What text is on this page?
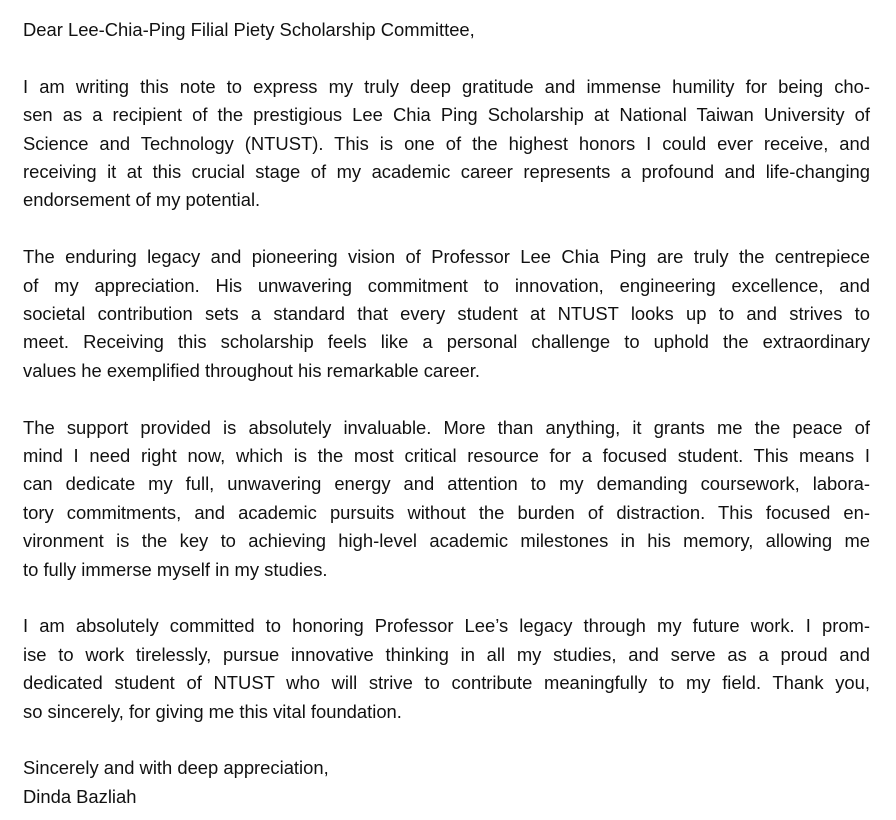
Dear Lee-Chia-Ping Filial Piety Scholarship Committee,
I am writing this note to express my truly deep gratitude and immense humility for being cho-
sen as a recipient of the prestigious Lee Chia Ping Scholarship at National Taiwan University of
Science and Technology (NTUST). This is one of the highest honors I could ever receive, and
receiving it at this crucial stage of my academic career represents a profound and life-changing
endorsement of my potential.
The enduring legacy and pioneering vision of Professor Lee Chia Ping are truly the centrepiece
of my appreciation. His unwavering commitment to innovation, engineering excellence, and
societal contribution sets a standard that every student at NTUST looks up to and strives to
meet. Receiving this scholarship feels like a personal challenge to uphold the extraordinary
values he exemplified throughout his remarkable career.
The support provided is absolutely invaluable. More than anything, it grants me the peace of
mind I need right now, which is the most critical resource for a focused student. This means I
can dedicate my full, unwavering energy and attention to my demanding coursework, labora-
tory commitments, and academic pursuits without the burden of distraction. This focused en-
vironment is the key to achieving high-level academic milestones in his memory, allowing me
to fully immerse myself in my studies.
I am absolutely committed to honoring Professor Lee’s legacy through my future work. I prom-
ise to work tirelessly, pursue innovative thinking in all my studies, and serve as a proud and
dedicated student of NTUST who will strive to contribute meaningfully to my field. Thank you,
so sincerely, for giving me this vital foundation.
Sincerely and with deep appreciation,
Dinda Bazliah
